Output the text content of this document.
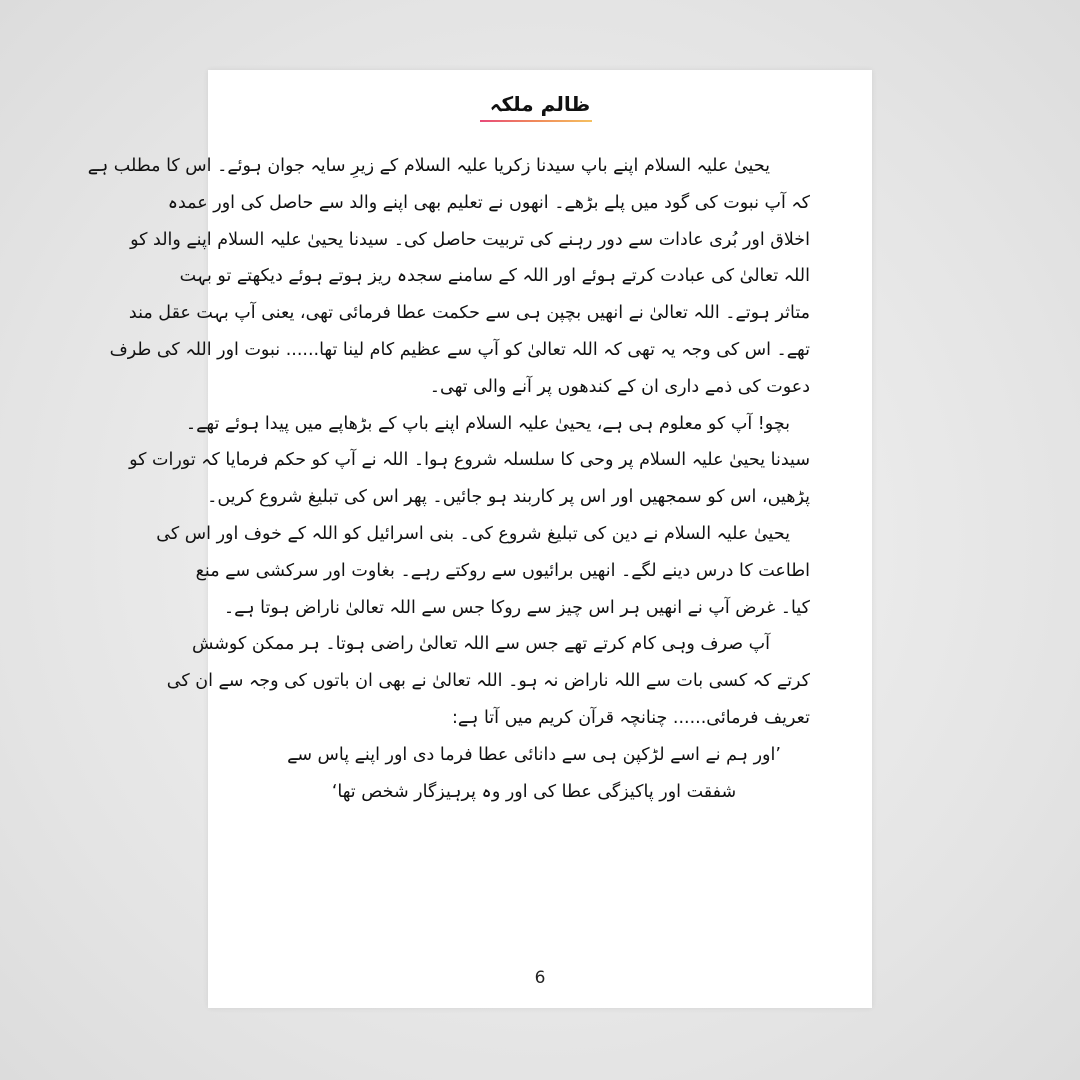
ظالم ملکہ
یحییٰ علیہ السلام اپنے باپ سیدنا زکریا علیہ السلام کے زیرِ سایہ جوان ہوئے۔ اس کا مطلب ہے
کہ آپ نبوت کی گود میں پلے بڑھے۔ انھوں نے تعلیم بھی اپنے والد سے حاصل کی اور عمدہ
اخلاق اور بُری عادات سے دور رہنے کی تربیت حاصل کی۔ سیدنا یحییٰ علیہ السلام اپنے والد کو
اللہ تعالیٰ کی عبادت کرتے ہوئے اور اللہ کے سامنے سجدہ ریز ہوتے ہوئے دیکھتے تو بہت
متاثر ہوتے۔ اللہ تعالیٰ نے انھیں بچپن ہی سے حکمت عطا فرمائی تھی، یعنی آپ بہت عقل مند
تھے۔ اس کی وجہ یہ تھی کہ اللہ تعالیٰ کو آپ سے عظیم کام لینا تھا...... نبوت اور اللہ کی طرف
دعوت کی ذمے داری ان کے کندھوں پر آنے والی تھی۔
بچو! آپ کو معلوم ہی ہے، یحییٰ علیہ السلام اپنے باپ کے بڑھاپے میں پیدا ہوئے تھے۔
سیدنا یحییٰ علیہ السلام پر وحی کا سلسلہ شروع ہوا۔ اللہ نے آپ کو حکم فرمایا کہ تورات کو
پڑھیں، اس کو سمجھیں اور اس پر کاربند ہو جائیں۔ پھر اس کی تبلیغ شروع کریں۔
یحییٰ علیہ السلام نے دین کی تبلیغ شروع کی۔ بنی اسرائیل کو اللہ کے خوف اور اس کی
اطاعت کا درس دینے لگے۔ انھیں برائیوں سے روکتے رہے۔ بغاوت اور سرکشی سے منع
کیا۔ غرض آپ نے انھیں ہر اس چیز سے روکا جس سے اللہ تعالیٰ ناراض ہوتا ہے۔
آپ صرف وہی کام کرتے تھے جس سے اللہ تعالیٰ راضی ہوتا۔ ہر ممکن کوشش
کرتے کہ کسی بات سے اللہ ناراض نہ ہو۔ اللہ تعالیٰ نے بھی ان باتوں کی وجہ سے ان کی
تعریف فرمائی...... چنانچہ قرآن کریم میں آتا ہے:
’اور ہم نے اسے لڑکپن ہی سے دانائی عطا فرما دی اور اپنے پاس سے
شفقت اور پاکیزگی عطا کی اور وہ پرہیزگار شخص تھا‘
6
